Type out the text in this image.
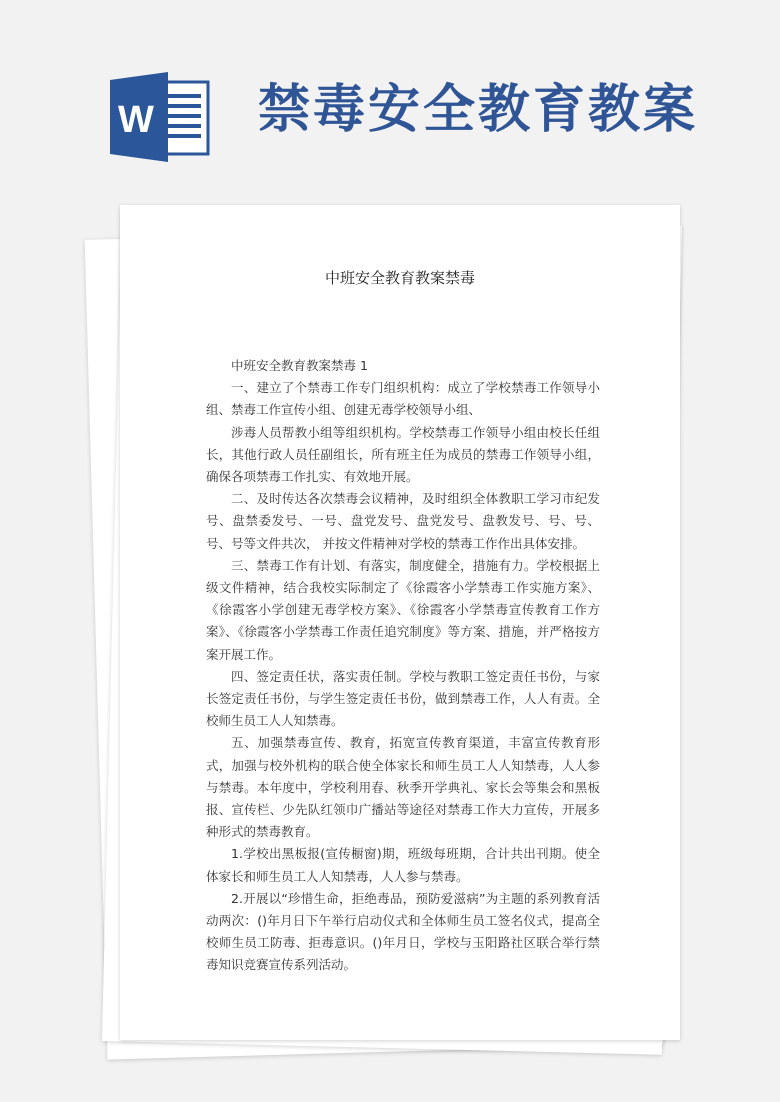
W 禁毒安全教育教案
中班安全教育教案禁毒

中班安全教育教案禁毒 1

一、建立了个禁毒工作专门组织机构：成立了学校禁毒工作领导小组、禁毒工作宣传小组、创建无毒学校领导小组、

涉毒人员帮教小组等组织机构。学校禁毒工作领导小组由校长任组长，其他行政人员任副组长，所有班主任为成员的禁毒工作领导小组，确保各项禁毒工作扎实、有效地开展。

二、及时传达各次禁毒会议精神，及时组织全体教职工学习市纪发号、盘禁委发号、一号、盘党发号、盘党发号、盘教发号、号、号、号、号等文件共次， 并按文件精神对学校的禁毒工作作出具体安排。

三、禁毒工作有计划、有落实，制度健全，措施有力。学校根据上级文件精神，结合我校实际制定了《徐霞客小学禁毒工作实施方案》、《徐霞客小学创建无毒学校方案》、《徐霞客小学禁毒宣传教育工作方案》、《徐霞客小学禁毒工作责任追究制度》等方案、措施，并严格按方案开展工作。

四、签定责任状，落实责任制。学校与教职工签定责任书份，与家长签定责任书份，与学生签定责任书份，做到禁毒工作，人人有责。全校师生员工人人知禁毒。

五、加强禁毒宣传、教育，拓宽宣传教育渠道，丰富宣传教育形式，加强与校外机构的联合使全体家长和师生员工人人知禁毒，人人参与禁毒。本年度中，学校利用春、秋季开学典礼、家长会等集会和黑板报、宣传栏、少先队红领巾广播站等途径对禁毒工作大力宣传，开展多种形式的禁毒教育。

1.学校出黑板报(宣传橱窗)期，班级每班期，合计共出刊期。使全体家长和师生员工人人知禁毒，人人参与禁毒。

2.开展以“珍惜生命，拒绝毒品，预防爱滋病”为主题的系列教育活动两次：()年月日下午举行启动仪式和全体师生员工签名仪式，提高全校师生员工防毒、拒毒意识。()年月日，学校与玉阳路社区联合举行禁毒知识竞赛宣传系列活动。
